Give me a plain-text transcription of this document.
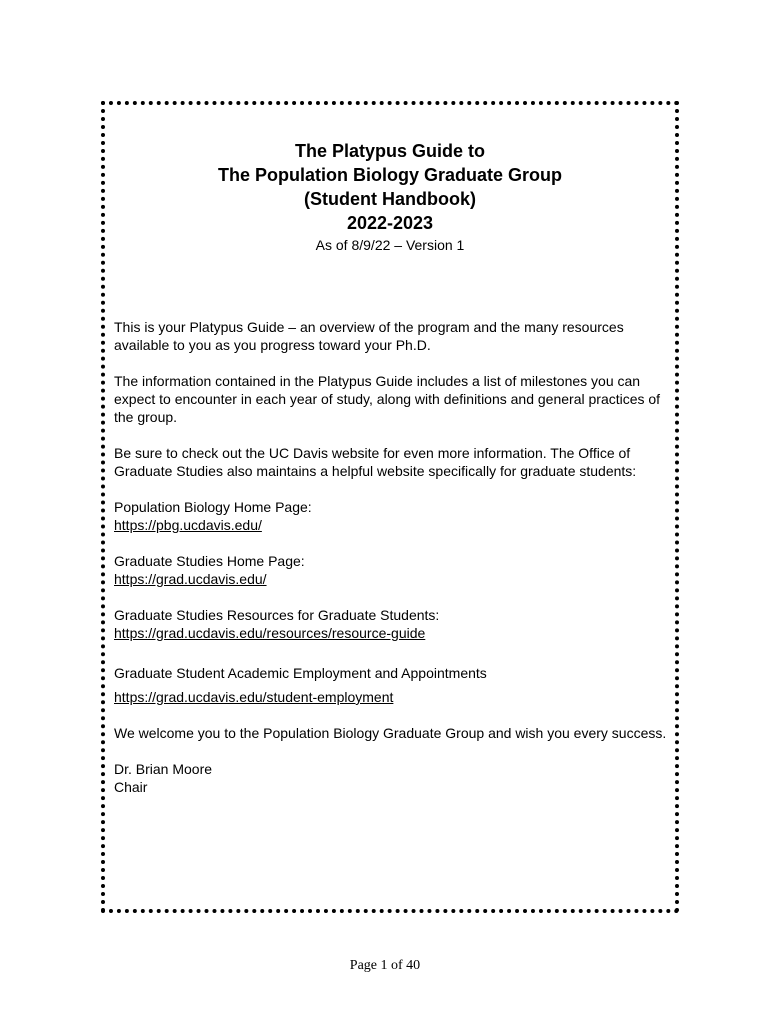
The Platypus Guide to
The Population Biology Graduate Group
(Student Handbook)
2022-2023
As of 8/9/22 – Version 1

This is your Platypus Guide – an overview of the program and the many resources available to you as you progress toward your Ph.D.

The information contained in the Platypus Guide includes a list of milestones you can expect to encounter in each year of study, along with definitions and general practices of the group.

Be sure to check out the UC Davis website for even more information. The Office of Graduate Studies also maintains a helpful website specifically for graduate students:

Population Biology Home Page:
https://pbg.ucdavis.edu/

Graduate Studies Home Page:
https://grad.ucdavis.edu/

Graduate Studies Resources for Graduate Students:
https://grad.ucdavis.edu/resources/resource-guide

Graduate Student Academic Employment and Appointments
https://grad.ucdavis.edu/student-employment

We welcome you to the Population Biology Graduate Group and wish you every success.

Dr. Brian Moore

Chair

Page 1 of 40
